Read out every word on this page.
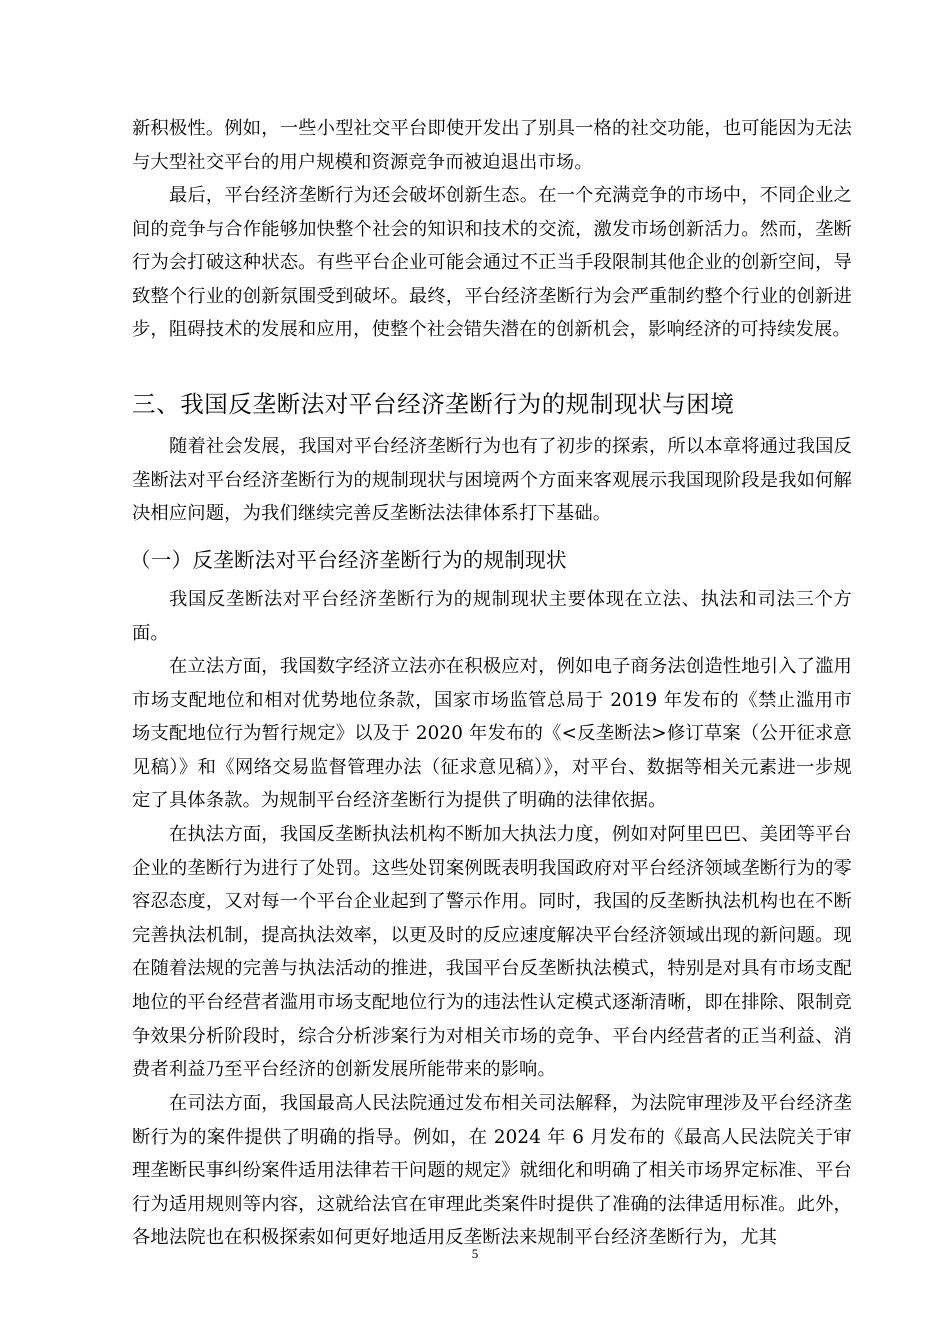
新积极性。例如，一些小型社交平台即使开发出了别具一格的社交功能，也可能因为无法与大型社交平台的用户规模和资源竞争而被迫退出市场。

最后，平台经济垄断行为还会破坏创新生态。在一个充满竞争的市场中，不同企业之间的竞争与合作能够加快整个社会的知识和技术的交流，激发市场创新活力。然而，垄断行为会打破这种状态。有些平台企业可能会通过不正当手段限制其他企业的创新空间，导致整个行业的创新氛围受到破坏。最终，平台经济垄断行为会严重制约整个行业的创新进步，阻碍技术的发展和应用，使整个社会错失潜在的创新机会，影响经济的可持续发展。

三、我国反垄断法对平台经济垄断行为的规制现状与困境

随着社会发展，我国对平台经济垄断行为也有了初步的探索，所以本章将通过我国反垄断法对平台经济垄断行为的规制现状与困境两个方面来客观展示我国现阶段是我如何解决相应问题，为我们继续完善反垄断法法律体系打下基础。

（一）反垄断法对平台经济垄断行为的规制现状

我国反垄断法对平台经济垄断行为的规制现状主要体现在立法、执法和司法三个方面。

在立法方面，我国数字经济立法亦在积极应对，例如电子商务法创造性地引入了滥用市场支配地位和相对优势地位条款，国家市场监管总局于 2019 年发布的《禁止滥用市场支配地位行为暂行规定》以及于 2020 年发布的《<反垄断法>修订草案（公开征求意见稿）》和《网络交易监督管理办法（征求意见稿）》，对平台、数据等相关元素进一步规定了具体条款。为规制平台经济垄断行为提供了明确的法律依据。

在执法方面，我国反垄断执法机构不断加大执法力度，例如对阿里巴巴、美团等平台企业的垄断行为进行了处罚。这些处罚案例既表明我国政府对平台经济领域垄断行为的零容忍态度，又对每一个平台企业起到了警示作用。同时，我国的反垄断执法机构也在不断完善执法机制，提高执法效率，以更及时的反应速度解决平台经济领域出现的新问题。现在随着法规的完善与执法活动的推进，我国平台反垄断执法模式，特别是对具有市场支配地位的平台经营者滥用市场支配地位行为的违法性认定模式逐渐清晰，即在排除、限制竞争效果分析阶段时，综合分析涉案行为对相关市场的竞争、平台内经营者的正当利益、消费者利益乃至平台经济的创新发展所能带来的影响。

在司法方面，我国最高人民法院通过发布相关司法解释，为法院审理涉及平台经济垄断行为的案件提供了明确的指导。例如，在 2024 年 6 月发布的《最高人民法院关于审理垄断民事纠纷案件适用法律若干问题的规定》就细化和明确了相关市场界定标准、平台行为适用规则等内容，这就给法官在审理此类案件时提供了准确的法律适用标准。此外，各地法院也在积极探索如何更好地适用反垄断法来规制平台经济垄断行为，尤其

5
